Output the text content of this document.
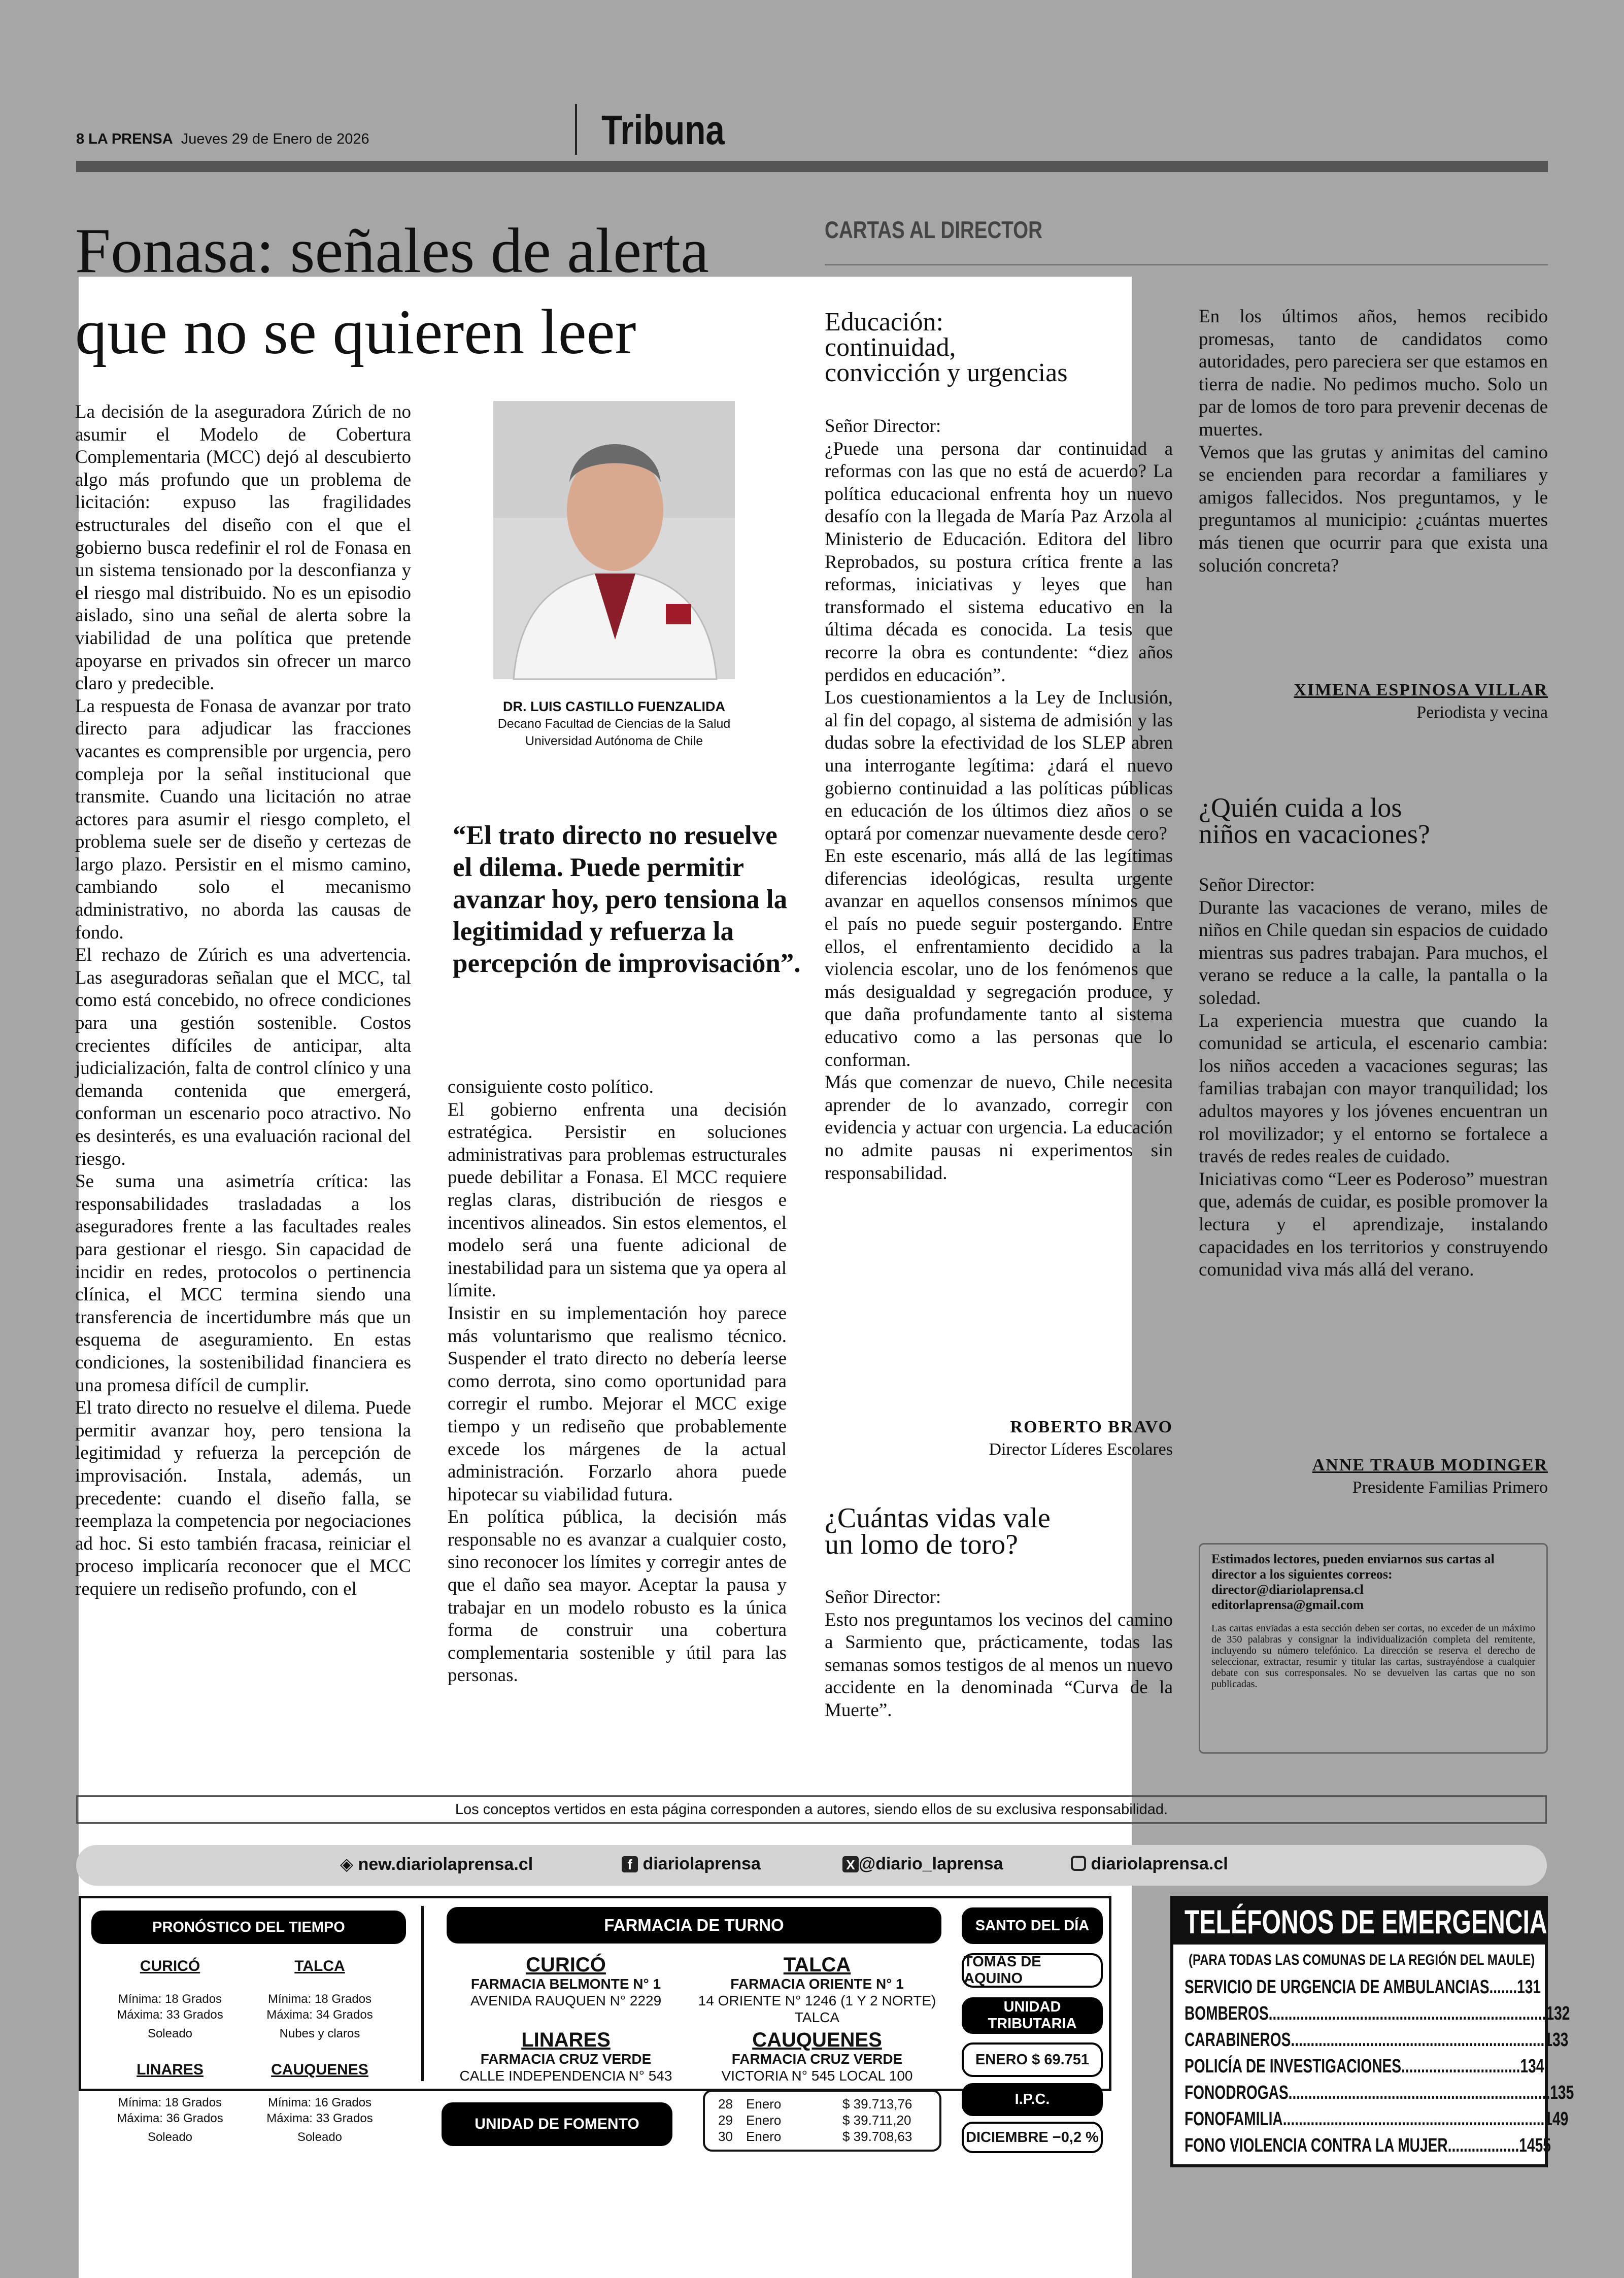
8 LA PRENSA Jueves 29 de Enero de 2026	Tribuna
Fonasa: señales de alerta
que no se quieren leer

La decisión de la aseguradora Zúrich de no asumir el Modelo de Cobertura Complementaria (MCC) dejó al descubierto algo más profundo que un problema de licitación: expuso las fragilidades estructurales del diseño con el que el gobierno busca redefinir el rol de Fonasa en un sistema tensionado por la desconfianza y el riesgo mal distribuido. No es un episodio aislado, sino una señal de alerta sobre la viabilidad de una política que pretende apoyarse en privados sin ofrecer un marco claro y predecible.

La respuesta de Fonasa de avanzar por trato directo para adjudicar las fracciones vacantes es comprensible por urgencia, pero compleja por la señal institucional que transmite. Cuando una licitación no atrae actores para asumir el riesgo completo, el problema suele ser de diseño y certezas de largo plazo. Persistir en el mismo camino, cambiando solo el mecanismo administrativo, no aborda las causas de fondo.

El rechazo de Zúrich es una advertencia. Las aseguradoras señalan que el MCC, tal como está concebido, no ofrece condiciones para una gestión sostenible. Costos crecientes difíciles de anticipar, alta judicialización, falta de control clínico y una demanda contenida que emergerá, conforman un escenario poco atractivo. No es desinterés, es una evaluación racional del riesgo.

Se suma una asimetría crítica: las responsabilidades trasladadas a los aseguradores frente a las facultades reales para gestionar el riesgo. Sin capacidad de incidir en redes, protocolos o pertinencia clínica, el MCC termina siendo una transferencia de incertidumbre más que un esquema de aseguramiento. En estas condiciones, la sostenibilidad financiera es una promesa difícil de cumplir.

El trato directo no resuelve el dilema. Puede permitir avanzar hoy, pero tensiona la legitimidad y refuerza la percepción de improvisación. Instala, además, un precedente: cuando el diseño falla, se reemplaza la competencia por negociaciones ad hoc. Si esto también fracasa, reiniciar el proceso implicaría reconocer que el MCC requiere un rediseño profundo, con el

DR. LUIS CASTILLO FUENZALIDA
Decano Facultad de Ciencias de la Salud
Universidad Autónoma de Chile
“El trato directo no resuelve el dilema. Puede permitir avanzar hoy, pero tensiona la legitimidad y refuerza la percepción de improvisación”.

consiguiente costo político.

El gobierno enfrenta una decisión estratégica. Persistir en soluciones administrativas para problemas estructurales puede debilitar a Fonasa. El MCC requiere reglas claras, distribución de riesgos e incentivos alineados. Sin estos elementos, el modelo será una fuente adicional de inestabilidad para un sistema que ya opera al límite.

Insistir en su implementación hoy parece más voluntarismo que realismo técnico. Suspender el trato directo no debería leerse como derrota, sino como oportunidad para corregir el rumbo. Mejorar el MCC exige tiempo y un rediseño que probablemente excede los márgenes de la actual administración. Forzarlo ahora puede hipotecar su viabilidad futura.

En política pública, la decisión más responsable no es avanzar a cualquier costo, sino reconocer los límites y corregir antes de que el daño sea mayor. Aceptar la pausa y trabajar en un modelo robusto es la única forma de construir una cobertura complementaria sostenible y útil para las personas.

CARTAS AL DIRECTOR
Educación:
continuidad,
convicción y urgencias

Señor Director:

¿Puede una persona dar continuidad a reformas con las que no está de acuerdo? La política educacional enfrenta hoy un nuevo desafío con la llegada de María Paz Arzola al Ministerio de Educación. Editora del libro Reprobados, su postura crítica frente a las reformas, iniciativas y leyes que han transformado el sistema educativo en la última década es conocida. La tesis que recorre la obra es contundente: “diez años perdidos en educación”.

Los cuestionamientos a la Ley de Inclusión, al fin del copago, al sistema de admisión y las dudas sobre la efectividad de los SLEP abren una interrogante legítima: ¿dará el nuevo gobierno continuidad a las políticas públicas en educación de los últimos diez años o se optará por comenzar nuevamente desde cero?

En este escenario, más allá de las legítimas diferencias ideológicas, resulta urgente avanzar en aquellos consensos mínimos que el país no puede seguir postergando. Entre ellos, el enfrentamiento decidido a la violencia escolar, uno de los fenómenos que más desigualdad y segregación produce, y que daña profundamente tanto al sistema educativo como a las personas que lo conforman.

Más que comenzar de nuevo, Chile necesita aprender de lo avanzado, corregir con evidencia y actuar con urgencia. La educación no admite pausas ni experimentos sin responsabilidad.

ROBERTO BRAVO
Director Líderes Escolares
¿Cuántas vidas vale
un lomo de toro?

Señor Director:

Esto nos preguntamos los vecinos del camino a Sarmiento que, prácticamente, todas las semanas somos testigos de al menos un nuevo accidente en la denominada “Curva de la Muerte”.

En los últimos años, hemos recibido promesas, tanto de candidatos como autoridades, pero pareciera ser que estamos en tierra de nadie. No pedimos mucho. Solo un par de lomos de toro para prevenir decenas de muertes.

Vemos que las grutas y animitas del camino se encienden para recordar a familiares y amigos fallecidos. Nos preguntamos, y le preguntamos al municipio: ¿cuántas muertes más tienen que ocurrir para que exista una solución concreta?

XIMENA ESPINOSA VILLAR
Periodista y vecina
¿Quién cuida a los
niños en vacaciones?

Señor Director:

Durante las vacaciones de verano, miles de niños en Chile quedan sin espacios de cuidado mientras sus padres trabajan. Para muchos, el verano se reduce a la calle, la pantalla o la soledad.

La experiencia muestra que cuando la comunidad se articula, el escenario cambia: los niños acceden a vacaciones seguras; las familias trabajan con mayor tranquilidad; los adultos mayores y los jóvenes encuentran un rol movilizador; y el entorno se fortalece a través de redes reales de cuidado.

Iniciativas como “Leer es Poderoso” muestran que, además de cuidar, es posible promover la lectura y el aprendizaje, instalando capacidades en los territorios y construyendo comunidad viva más allá del verano.

ANNE TRAUB MODINGER
Presidente Familias Primero
Estimados lectores, pueden enviarnos sus cartas al director a los siguientes correos:
director@diariolaprensa.cl
editorlaprensa@gmail.com
Las cartas enviadas a esta sección deben ser cortas, no exceder de un máximo de 350 palabras y consignar la individualización completa del remitente, incluyendo su número telefónico. La dirección se reserva el derecho de seleccionar, extractar, resumir y titular las cartas, sustrayéndose a cualquier debate con sus corresponsales. No se devuelven las cartas que no son publicadas.
Los conceptos vertidos en esta página corresponden a autores, siendo ellos de su exclusiva responsabilidad.
◈ new.diariolaprensa.cl	f diariolaprensa	X @diario_laprensa	diariolaprensa.cl
PRONÓSTICO DEL TIEMPO
CURICÓ
Mínima: 18 Grados
Máxima: 33 Grados
Soleado
TALCA
Mínima: 18 Grados
Máxima: 34 Grados
Nubes y claros
LINARES
Mínima: 18 Grados
Máxima: 36 Grados
Soleado
CAUQUENES
Mínima: 16 Grados
Máxima: 33 Grados
Soleado
FARMACIA DE TURNO
CURICÓ
FARMACIA BELMONTE N° 1
AVENIDA RAUQUEN N° 2229
TALCA
FARMACIA ORIENTE N° 1
14 ORIENTE N° 1246 (1 Y 2 NORTE)
TALCA
LINARES
FARMACIA CRUZ VERDE
CALLE INDEPENDENCIA N° 543
CAUQUENES
FARMACIA CRUZ VERDE
VICTORIA N° 545 LOCAL 100
UNIDAD DE FOMENTO
28	Enero	$ 39.713,76
29	Enero	$ 39.711,20
30	Enero	$ 39.708,63
SANTO DEL DÍA
TOMÁS DE AQUINO
UNIDAD TRIBUTARIA
ENERO $ 69.751
I.P.C.
DICIEMBRE −0,2 %
TELÉFONOS DE EMERGENCIA
(PARA TODAS LAS COMUNAS DE LA REGIÓN DEL MAULE)
SERVICIO DE URGENCIA DE AMBULANCIAS.......131
BOMBEROS......................................................................132
CARABINEROS................................................................133
POLICÍA DE INVESTIGACIONES..............................134
FONODROGAS..................................................................135
FONOFAMILIA..................................................................149
FONO VIOLENCIA CONTRA LA MUJER..................1455
